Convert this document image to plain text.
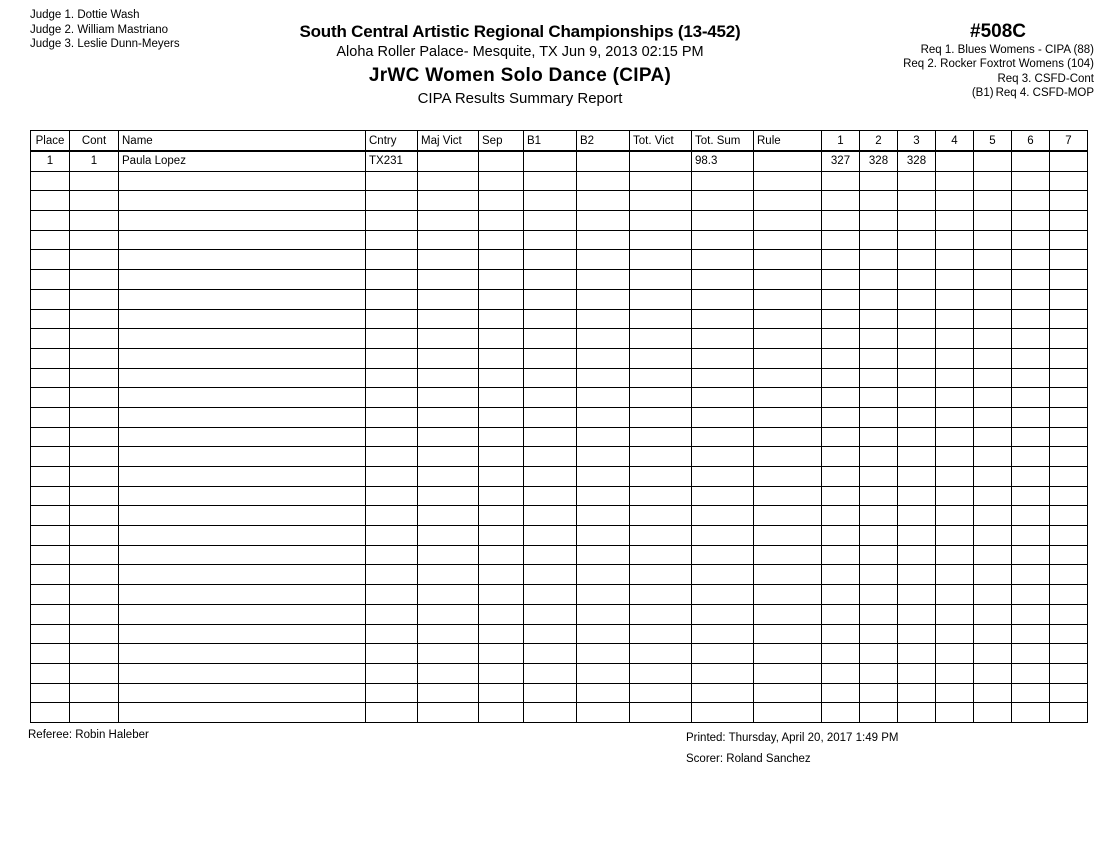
Judge 1. Dottie Wash
Judge 2. William Mastriano
Judge 3. Leslie Dunn-Meyers
South Central Artistic Regional Championships (13-452)
Aloha Roller Palace- Mesquite, TX Jun 9, 2013 02:15 PM
JrWC Women Solo Dance (CIPA)
CIPA Results Summary Report
#508C
Req 1. Blues Womens - CIPA (88)
Req 2. Rocker Foxtrot Womens (104)
Req 3. CSFD-Cont
(B1) Req 4. CSFD-MOP
Place	Cont	Name	Cntry	Maj Vict	Sep	B1	B2	Tot. Vict	Tot. Sum	Rule	1	2	3	4	5	6	7
1	1	Paula Lopez	TX231						98.3		327	328	328				

Referee: Robin Haleber	Printed: Thursday, April 20, 2017 1:49 PM
Scorer: Roland Sanchez
